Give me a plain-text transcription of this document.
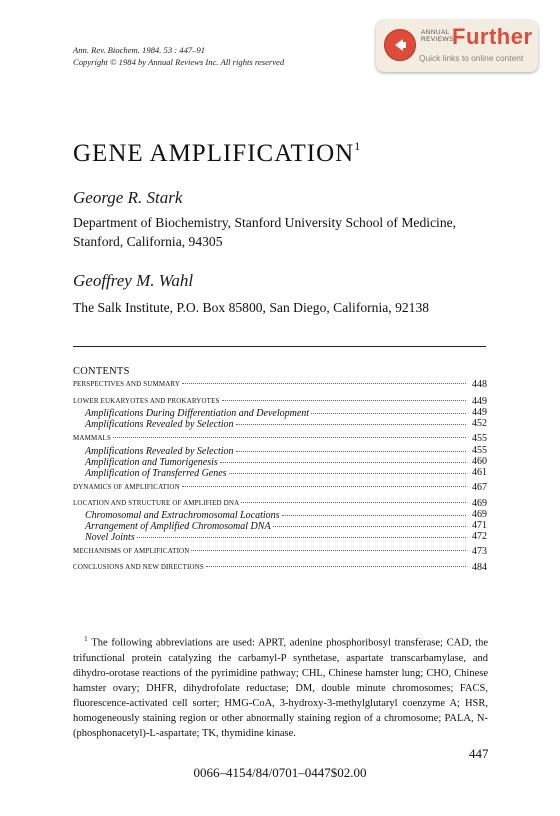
Ann. Rev. Biochem. 1984. 53 : 447–91
Copyright © 1984 by Annual Reviews Inc. All rights reserved
ANNUAL
REVIEWS
Further
Quick links to online content
GENE AMPLIFICATION$^1$
George R. Stark
Department of Biochemistry, Stanford University School of Medicine,
Stanford, California, 94305
Geoffrey M. Wahl
The Salk Institute, P.O. Box 85800, San Diego, California, 92138
CONTENTS
PERSPECTIVES AND SUMMARY	448
LOWER EUKARYOTES AND PROKARYOTES	449
Amplifications During Differentiation and Development	449
Amplifications Revealed by Selection	452
MAMMALS	455
Amplifications Revealed by Selection	455
Amplification and Tumorigenesis	460
Amplification of Transferred Genes	461
DYNAMICS OF AMPLIFICATION	467
LOCATION AND STRUCTURE OF AMPLIFIED DNA	469
Chromosomal and Extrachromosomal Locations	469
Arrangement of Amplified Chromosomal DNA	471
Novel Joints	472
MECHANISMS OF AMPLIFICATION	473
CONCLUSIONS AND NEW DIRECTIONS	484
$^1$ The following abbreviations are used: APRT, adenine phosphoribosyl transferase; CAD, the trifunctional protein catalyzing the carbamyl-P synthetase, aspartate transcarbamylase, and dihydro-orotase reactions of the pyrimidine pathway; CHL, Chinese hamster lung; CHO, Chinese hamster ovary; DHFR, dihydrofolate reductase; DM, double minute chromosomes; FACS, fluorescence-activated cell sorter; HMG-CoA, 3-hydroxy-3-methylglutaryl coenzyme A; HSR, homogeneously staining region or other abnormally staining region of a chromosome; PALA, N-(phosphonacetyl)-L-aspartate; TK, thymidine kinase.
447
0066–4154/84/0701–0447$02.00
